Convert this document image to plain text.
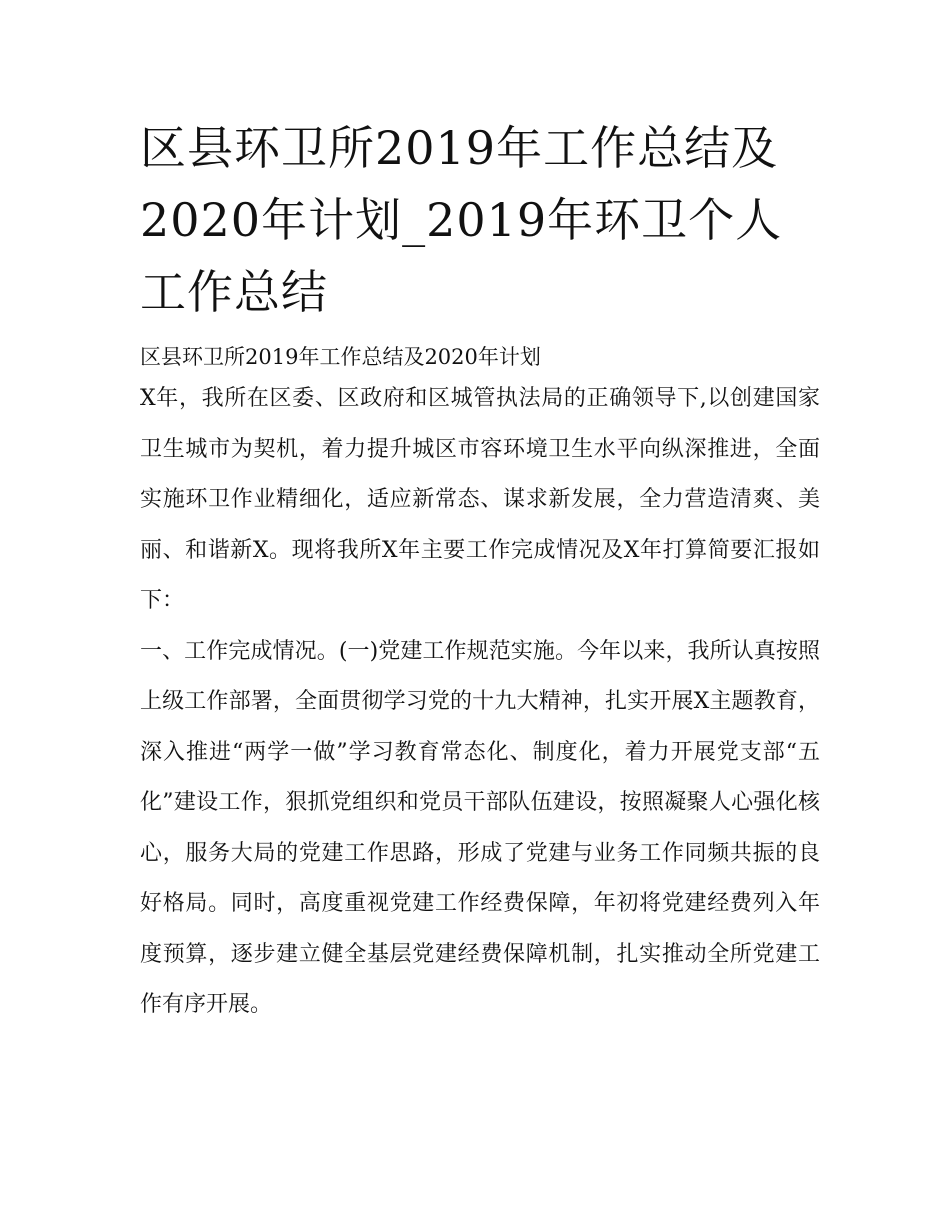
区县环卫所2019年工作总结及2020年计划_2019年环卫个人工作总结

区县环卫所2019年工作总结及2020年计划

X年，我所在区委、区政府和区城管执法局的正确领导下,以创建国家卫生城市为契机，着力提升城区市容环境卫生水平向纵深推进，全面实施环卫作业精细化，适应新常态、谋求新发展，全力营造清爽、美丽、和谐新X。现将我所X年主要工作完成情况及X年打算简要汇报如下：

一、工作完成情况。(一)党建工作规范实施。今年以来，我所认真按照上级工作部署，全面贯彻学习党的十九大精神，扎实开展X主题教育，深入推进“两学一做”学习教育常态化、制度化，着力开展党支部“五化”建设工作，狠抓党组织和党员干部队伍建设，按照凝聚人心强化核心，服务大局的党建工作思路，形成了党建与业务工作同频共振的良好格局。同时，高度重视党建工作经费保障，年初将党建经费列入年度预算，逐步建立健全基层党建经费保障机制，扎实推动全所党建工作有序开展。
